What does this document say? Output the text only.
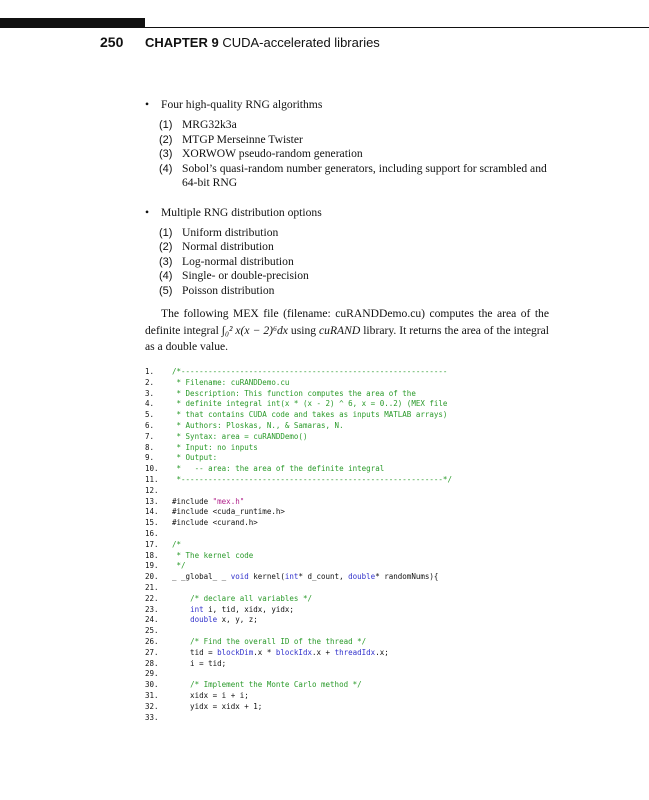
250 CHAPTER 9 CUDA-accelerated libraries
• Four high-quality RNG algorithms
(1) MRG32k3a
(2) MTGP Merseinne Twister
(3) XORWOW pseudo-random generation
(4) Sobol’s quasi-random number generators, including support for scrambled and 64-bit RNG
• Multiple RNG distribution options
(1) Uniform distribution
(2) Normal distribution
(3) Log-normal distribution
(4) Single- or double-precision
(5) Poisson distribution

The following MEX file (filename: cuRANDDemo.cu) computes the area of the definite integral ∫₀² x(x − 2)⁶dx using cuRAND library. It returns the area of the integral as a double value.

1. /*-----------------------------------------------------------
2. * Filename: cuRANDDemo.cu
3. * Description: This function computes the area of the
4. * definite integral int(x * (x - 2) ^ 6, x = 0..2) (MEX file
5. * that contains CUDA code and takes as inputs MATLAB arrays)
6. * Authors: Ploskas, N., & Samaras, N.
7. * Syntax: area = cuRANDDemo()
8. * Input: no inputs
9. * Output:
10. *   -- area: the area of the definite integral
11. *----------------------------------------------------------*/
12.
13. #include "mex.h"
14. #include <cuda_runtime.h>
15. #include <curand.h>
16.
17. /*
18. * The kernel code
19. */
20. _ _global_ _ void kernel(int* d_count, double* randomNums){
21.
22.	/* declare all variables */
23.	int i, tid, xidx, yidx;
24.	double x, y, z;
25.
26.	/* Find the overall ID of the thread */
27. tid = blockDim.x * blockIdx.x + threadIdx.x;
28. i = tid;
29.
30.	/* Implement the Monte Carlo method */
31. xidx = i + i;
32. yidx = xidx + 1;
33.
